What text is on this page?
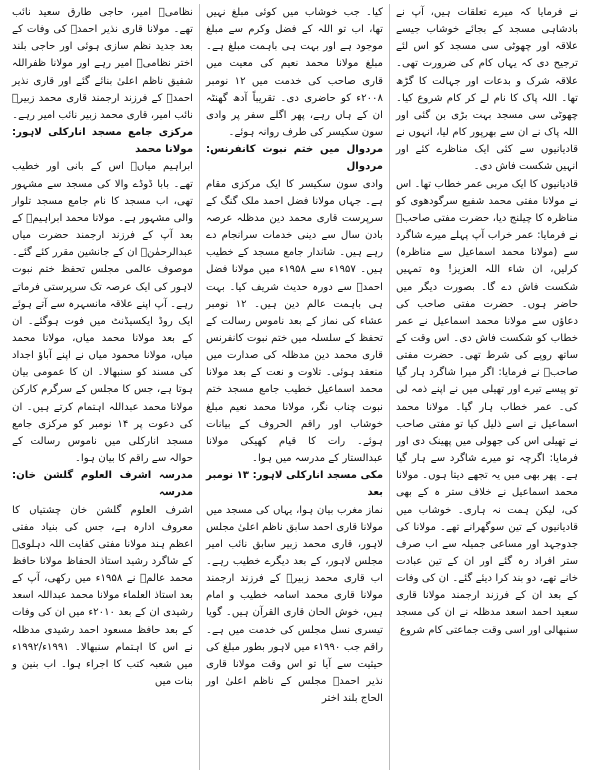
نے فرمایا کہ میرے تعلقات ہیں، آپ نے بادشاہی مسجد کے بجائے خوشاب جیسے علاقہ اور چھوٹی سی مسجد کو اس لئے ترجیح دی کہ یہاں کام کی ضرورت تھی۔ علاقہ شرک و بدعات اور جہالت کا گڑھ تھا۔ اللہ پاک کا نام لے کر کام شروع کیا۔ چھوٹی سی مسجد بہت بڑی بن گئی اور اللہ پاک نے ان سے بھرپور کام لیا، انہوں نے قادیانیوں سے کئی ایک مناظرے کئے اور انہیں شکست فاش دی۔

قادیانیوں کا ایک مربی عمر خطاب تھا۔ اس نے مولانا مفتی محمد شفیع سرگودھوی کو مناظرہ کا چیلنج دیا، حضرت مفتی صاحبؒ نے فرمایا: عمر خراب آپ پہلے میرے شاگرد سے (مولانا محمد اسماعیل سے مناظرہ) کرلیں، ان شاء اللہ العزیز! وہ تمہیں شکست فاش دے گا۔ بصورت دیگر میں حاضر ہوں۔ حضرت مفتی صاحب کی دعاؤں سے مولانا محمد اسماعیل نے عمر خطاب کو شکست فاش دی۔ اس وقت کے ساتھ روپے کی شرط تھی۔ حضرت مفتی صاحبؒ نے فرمایا: اگر میرا شاگرد ہار گیا تو پیسے تیرے اور تھیلی میں نے اپنے ذمہ لی کی۔ عمر خطاب ہار گیا۔ مولانا محمد اسماعیل نے اسے ذلیل کیا تو مفتی صاحب نے تھیلی اس کی جھولی میں پھینک دی اور فرمایا: اگرچہ تو میرے شاگرد سے ہار گیا ہے۔ پھر بھی میں یہ تجھے دیتا ہوں۔ مولانا محمد اسماعیل نے خلاف ستر ہ کے بھی کی، لیکن ہمت نہ ہاری۔ خوشاب میں قادیانیوں کے تین سوگھرانے تھے۔ مولانا کی جدوجہد اور مساعی جمیلہ سے اب صرف ستر افراد رہ گئے اور ان کے تین عبادت خانے تھے، دو بند کرا دیئے گئے۔ ان کی وفات کے بعد ان کے فرزند ارجمند مولانا قاری سعید احمد اسعد مدظلہ نے ان کی مسجد سنبھالی اور اسی وقت جماعتی کام شروع

کیا۔ جب خوشاب میں کوئی مبلغ نہیں تھا، اب تو اللہ کے فضل وکرم سے مبلغ موجود ہے اور بہت ہی باہمت مبلغ ہے۔ مبلغ مولانا محمد نعیم کی معیت میں قاری صاحب کی خدمت میں ۱۲ نومبر ۲۰۰۸ء کو حاضری دی۔ تقریباً آدھ گھنٹہ ان کے ہاں رہے، پھر اگلے سفر پر وادی سون سکیسر کی طرف روانہ ہوئے۔

مردوال میں ختم نبوت کانفرنس: مردوال

وادی سون سکیسر کا ایک مرکزی مقام ہے۔ جہاں مولانا فضل احمد ملک گنگ کے سرپرست قاری محمد دین مدظلہ عرصہ بادن سال سے دینی خدمات سرانجام دے رہے ہیں۔ شاندار جامع مسجد کے خطیب ہیں۔ ۱۹۵۷ء سے ۱۹۵۸ء میں مولانا فضل احمدؒ سے دورہ حدیث شریف کیا۔ بہت ہی باہمت عالم دین ہیں۔ ۱۲ نومبر عشاء کی نماز کے بعد ناموس رسالت کے تحفظ کے سلسلہ میں ختم نبوت کانفرنس قاری محمد دین مدظلہ کی صدارت میں منعقد ہوئی۔ تلاوت و نعت کے بعد مولانا محمد اسماعیل خطیب جامع مسجد ختم نبوت چناب نگر، مولانا محمد نعیم مبلغ خوشاب اور راقم الحروف کے بیانات ہوئے۔ رات کا قیام کھیکی مولانا عبدالستار کے مدرسہ میں ہوا۔

مکی مسجد انارکلی لاہور: ۱۳ نومبر بعد

نماز مغرب بیان ہوا، یہاں کی مسجد میں مولانا قاری احمد سابق ناظم اعلیٰ مجلس لاہور، قاری محمد زبیر سابق نائب امیر مجلس لاہور، کے بعد دیگرے خطیب رہے۔ اب قاری محمد زبیرؒ کے فرزند ارجمند مولانا قاری محمد اسامہ خطیب و امام ہیں، خوش الحان قاری القرآن ہیں۔ گویا تیسری نسل مجلس کی خدمت میں ہے۔ راقم جب ۱۹۹۰ء میں لاہور بطور مبلغ کی حیثیت سے آیا تو اس وقت مولانا قاری نذیر احمدؒ مجلس کے ناظم اعلیٰ اور الحاج بلند اختر

نظامیؒ امیر، حاجی طارق سعید نائب تھے۔ مولانا قاری نذیر احمدؒ کی وفات کے بعد جدید نظم سازی ہوئی اور حاجی بلند اختر نظامیؒ امیر رہے اور مولانا ظفراللہ شفیق ناظم اعلیٰ بنائے گئے اور قاری نذیر احمدؒ کے فرزند ارجمند قاری محمد زبیرؒ نائب امیر، قاری محمد زبیر نائب امیر رہے۔

مرکزی جامع مسجد انارکلی لاہور: مولانا محمد

ابراہیم میاںؒ اس کے بانی اور خطیب تھے۔ بابا ڈوڈے والا کی مسجد سے مشہور تھی، اب مسجد کا نام جامع مسجد تلوار والی مشہور ہے۔ مولانا محمد ابراہیمؒ کے بعد آپ کے فرزند ارجمند حضرت میاں عبدالرحمٰنؒ ان کے جانشین مقرر کئے گئے۔ موصوف عالمی مجلس تحفظ ختم نبوت لاہور کی ایک عرصہ تک سرپرستی فرماتے رہے۔ آپ اپنے علاقہ مانسہرہ سے آتے ہوئے ایک روڈ ایکسیڈنٹ میں فوت ہوگئے۔ ان کے بعد مولانا محمد میاں، مولانا محمد میاں، مولانا محمود میاں نے اپنے آباؤ اجداد کی مسند کو سنبھالا۔ ان کا عمومی بیان ہوتا ہے، جس کا مجلس کے سرگرم کارکن مولانا محمد عبداللہ اہتمام کرتے ہیں۔ ان کی دعوت پر ۱۴ نومبر کو مرکزی جامع مسجد انارکلی میں ناموس رسالت کے حوالہ سے راقم کا بیان ہوا۔

مدرسہ اشرف العلوم گلشن خان: مدرسہ

اشرف العلوم گلشن خان چشتیاں کا معروف ادارہ ہے، جس کی بنیاد مفتی اعظم ہند مولانا مفتی کفایت اللہ دہلویؒ کے شاگرد رشید استاذ الحفاظ مولانا حافظ محمد عالمؒ نے ۱۹۵۸ء میں رکھی، آپ کے بعد استاذ العلماء مولانا محمد عبداللہ اسعد رشیدی ان کے بعد ۲۰۱۰ء میں ان کی وفات کے بعد حافظ مسعود احمد رشیدی مدظلہ نے اس کا اہتمام سنبھالا۔ ۱۹۹۱ء/۱۹۹۲ء میں شعبہ کتب کا اجراء ہوا۔ اب بنین و بنات میں
